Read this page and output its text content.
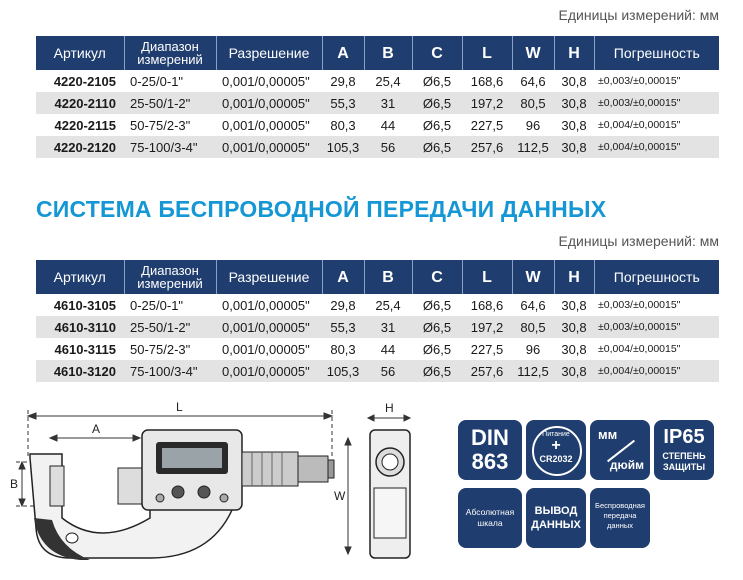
Единицы измерений: мм
Артикул	Диапазон измерений	Разрешение	A	B	C	L	W	H	Погрешность
4220-2105	0-25/0-1"	0,001/0,00005"	29,8	25,4	Ø6,5	168,6	64,6	30,8	±0,003/±0,00015"
4220-2110	25-50/1-2"	0,001/0,00005"	55,3	31	Ø6,5	197,2	80,5	30,8	±0,003/±0,00015"
4220-2115	50-75/2-3"	0,001/0,00005"	80,3	44	Ø6,5	227,5	96	30,8	±0,004/±0,00015"
4220-2120	75-100/3-4"	0,001/0,00005"	105,3	56	Ø6,5	257,6	112,5	30,8	±0,004/±0,00015"
СИСТЕМА БЕСПРОВОДНОЙ ПЕРЕДАЧИ ДАННЫХ
Единицы измерений: мм
Артикул	Диапазон измерений	Разрешение	A	B	C	L	W	H	Погрешность
4610-3105	0-25/0-1"	0,001/0,00005"	29,8	25,4	Ø6,5	168,6	64,6	30,8	±0,003/±0,00015"
4610-3110	25-50/1-2"	0,001/0,00005"	55,3	31	Ø6,5	197,2	80,5	30,8	±0,003/±0,00015"
4610-3115	50-75/2-3"	0,001/0,00005"	80,3	44	Ø6,5	227,5	96	30,8	±0,004/±0,00015"
4610-3120	75-100/3-4"	0,001/0,00005"	105,3	56	Ø6,5	257,6	112,5	30,8	±0,004/±0,00015"
L
A
B
W
H
DIN
863
Питание
+
CR2032
мм
дюйм
IP65
СТЕПЕНЬ
ЗАЩИТЫ
Абсолютная
шкала
ВЫВОД
ДАННЫХ
Беспроводная
передача
данных
